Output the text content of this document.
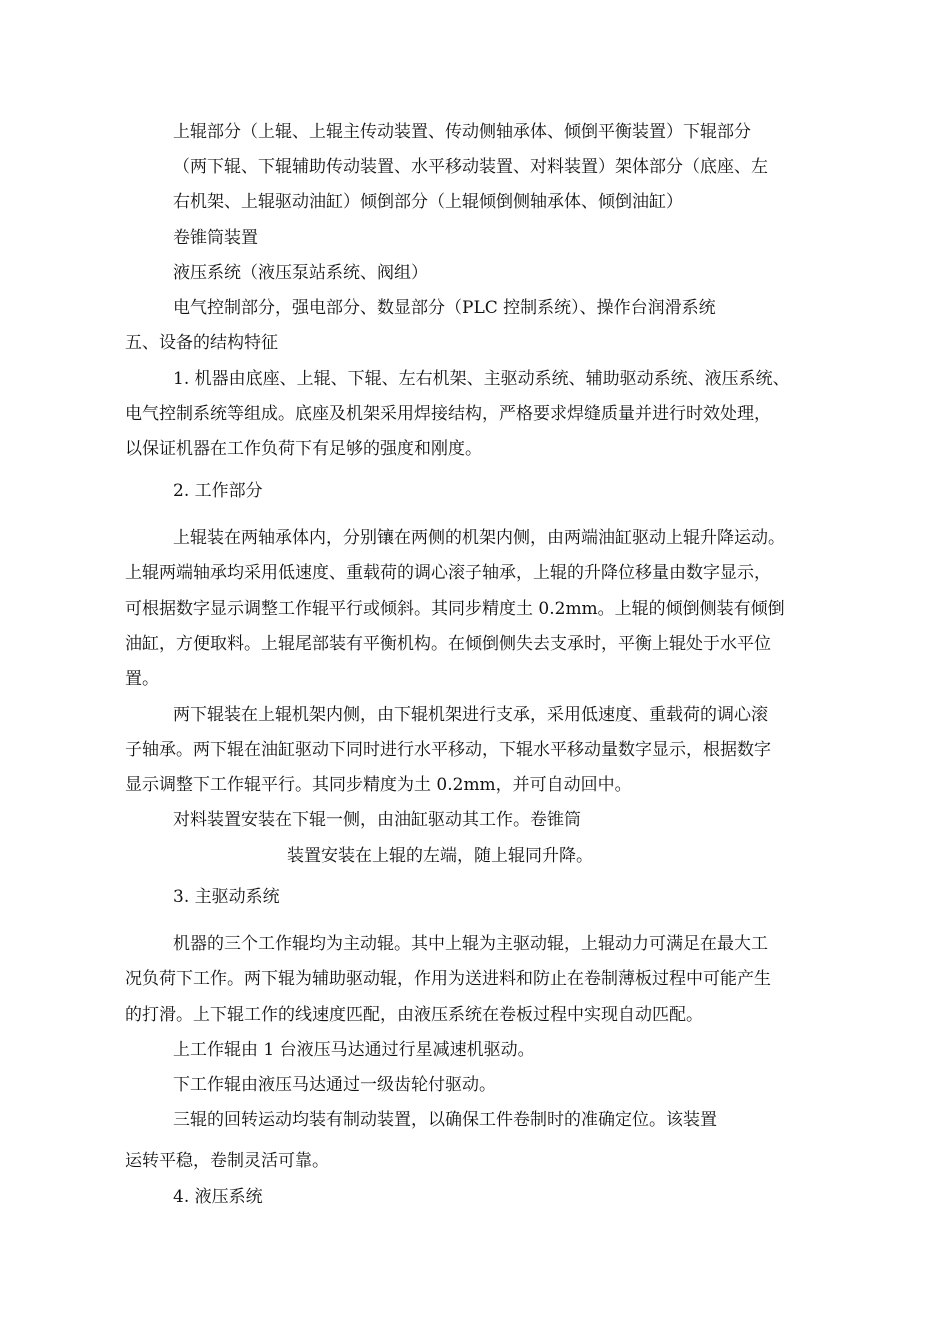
上辊部分（上辊、上辊主传动装置、传动侧轴承体、倾倒平衡装置）下辊部分
（两下辊、下辊辅助传动装置、水平移动装置、对料装置）架体部分（底座、左
右机架、上辊驱动油缸）倾倒部分（上辊倾倒侧轴承体、倾倒油缸）
卷锥筒装置
液压系统（液压泵站系统、阀组）
电气控制部分，强电部分、数显部分（PLC 控制系统）、操作台润滑系统
五、设备的结构特征
1. 机器由底座、上辊、下辊、左右机架、主驱动系统、辅助驱动系统、液压系统、
电气控制系统等组成。底座及机架采用焊接结构，严格要求焊缝质量并进行时效处理，
以保证机器在工作负荷下有足够的强度和刚度。
2. 工作部分
上辊装在两轴承体内，分别镶在两侧的机架内侧，由两端油缸驱动上辊升降运动。
上辊两端轴承均采用低速度、重载荷的调心滚子轴承，上辊的升降位移量由数字显示，
可根据数字显示调整工作辊平行或倾斜。其同步精度土 0.2mm。上辊的倾倒侧装有倾倒
油缸，方便取料。上辊尾部装有平衡机构。在倾倒侧失去支承时，平衡上辊处于水平位
置。
两下辊装在上辊机架内侧，由下辊机架进行支承，采用低速度、重载荷的调心滚
子轴承。两下辊在油缸驱动下同时进行水平移动，下辊水平移动量数字显示，根据数字
显示调整下工作辊平行。其同步精度为土 0.2mm，并可自动回中。
对料装置安装在下辊一侧，由油缸驱动其工作。卷锥筒
装置安装在上辊的左端，随上辊同升降。
3. 主驱动系统
机器的三个工作辊均为主动辊。其中上辊为主驱动辊，上辊动力可满足在最大工
况负荷下工作。两下辊为辅助驱动辊，作用为送进料和防止在卷制薄板过程中可能产生
的打滑。上下辊工作的线速度匹配，由液压系统在卷板过程中实现自动匹配。
上工作辊由 1 台液压马达通过行星减速机驱动。
下工作辊由液压马达通过一级齿轮付驱动。
三辊的回转运动均装有制动装置，以确保工件卷制时的准确定位。该装置
运转平稳，卷制灵活可靠。
4. 液压系统
